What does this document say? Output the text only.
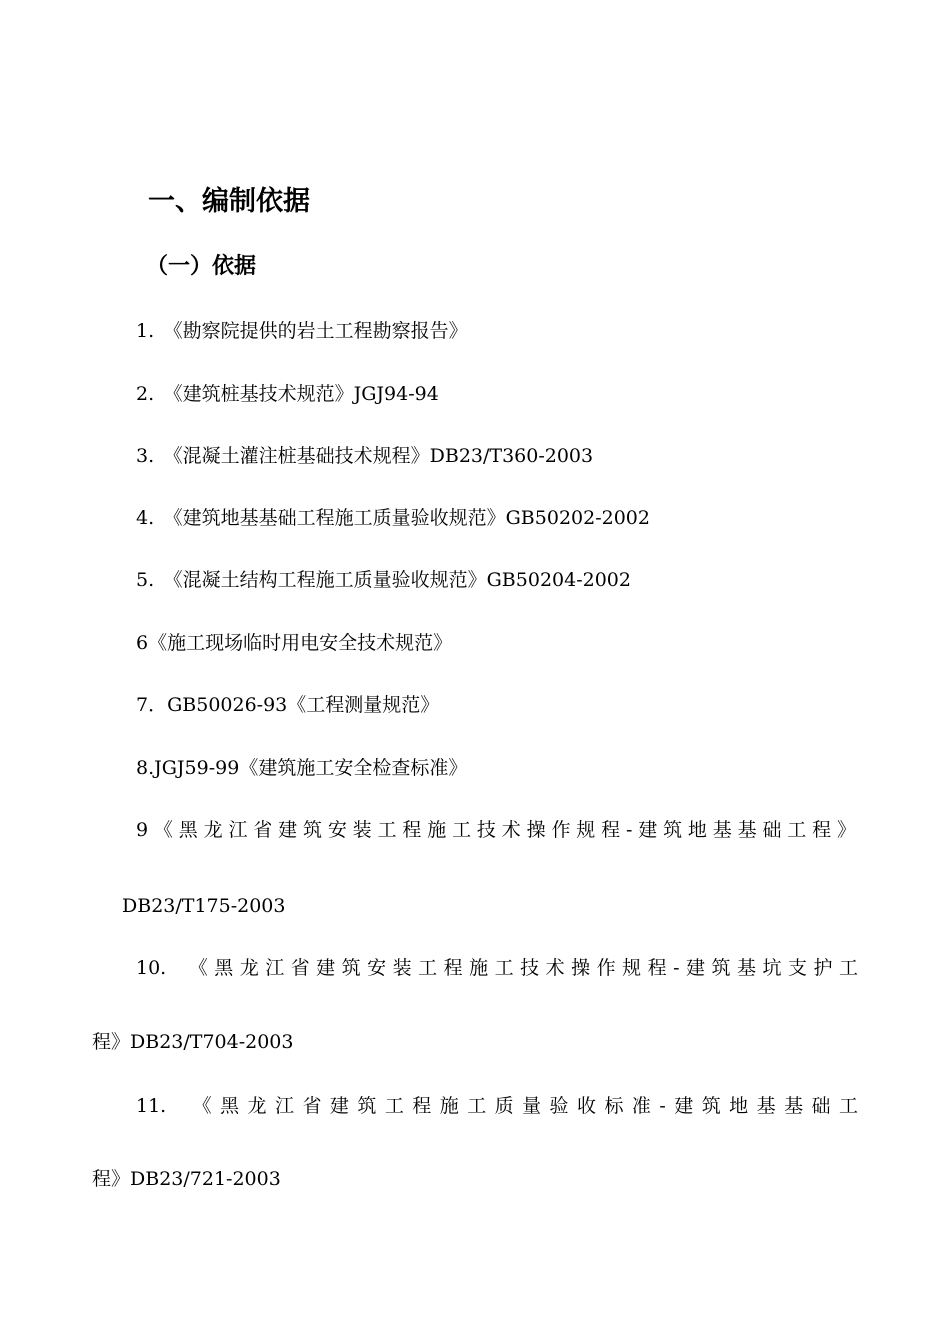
一、编制依据
（一）依据
1.　《勘察院提供的岩土工程勘察报告》
2.　《建筑桩基技术规范》JGJ94-94
3.　《混凝土灌注桩基础技术规程》DB23/T360-2003
4.　《建筑地基基础工程施工质量验收规范》GB50202-2002
5.　《混凝土结构工程施工质量验收规范》GB50204-2002
6《施工现场临时用电安全技术规范》
7．GB50026-93《工程测量规范》
8.JGJ59-99《建筑施工安全检查标准》
9《黑龙江省建筑安装工程施工技术操作规程-建筑地基基础工程》
DB23/T175-2003
10.　《黑龙江省建筑安装工程施工技术操作规程-建筑基坑支护工
程》DB23/T704-2003
11.　《黑龙江省建筑工程施工质量验收标准-建筑地基基础工
程》DB23/721-2003
